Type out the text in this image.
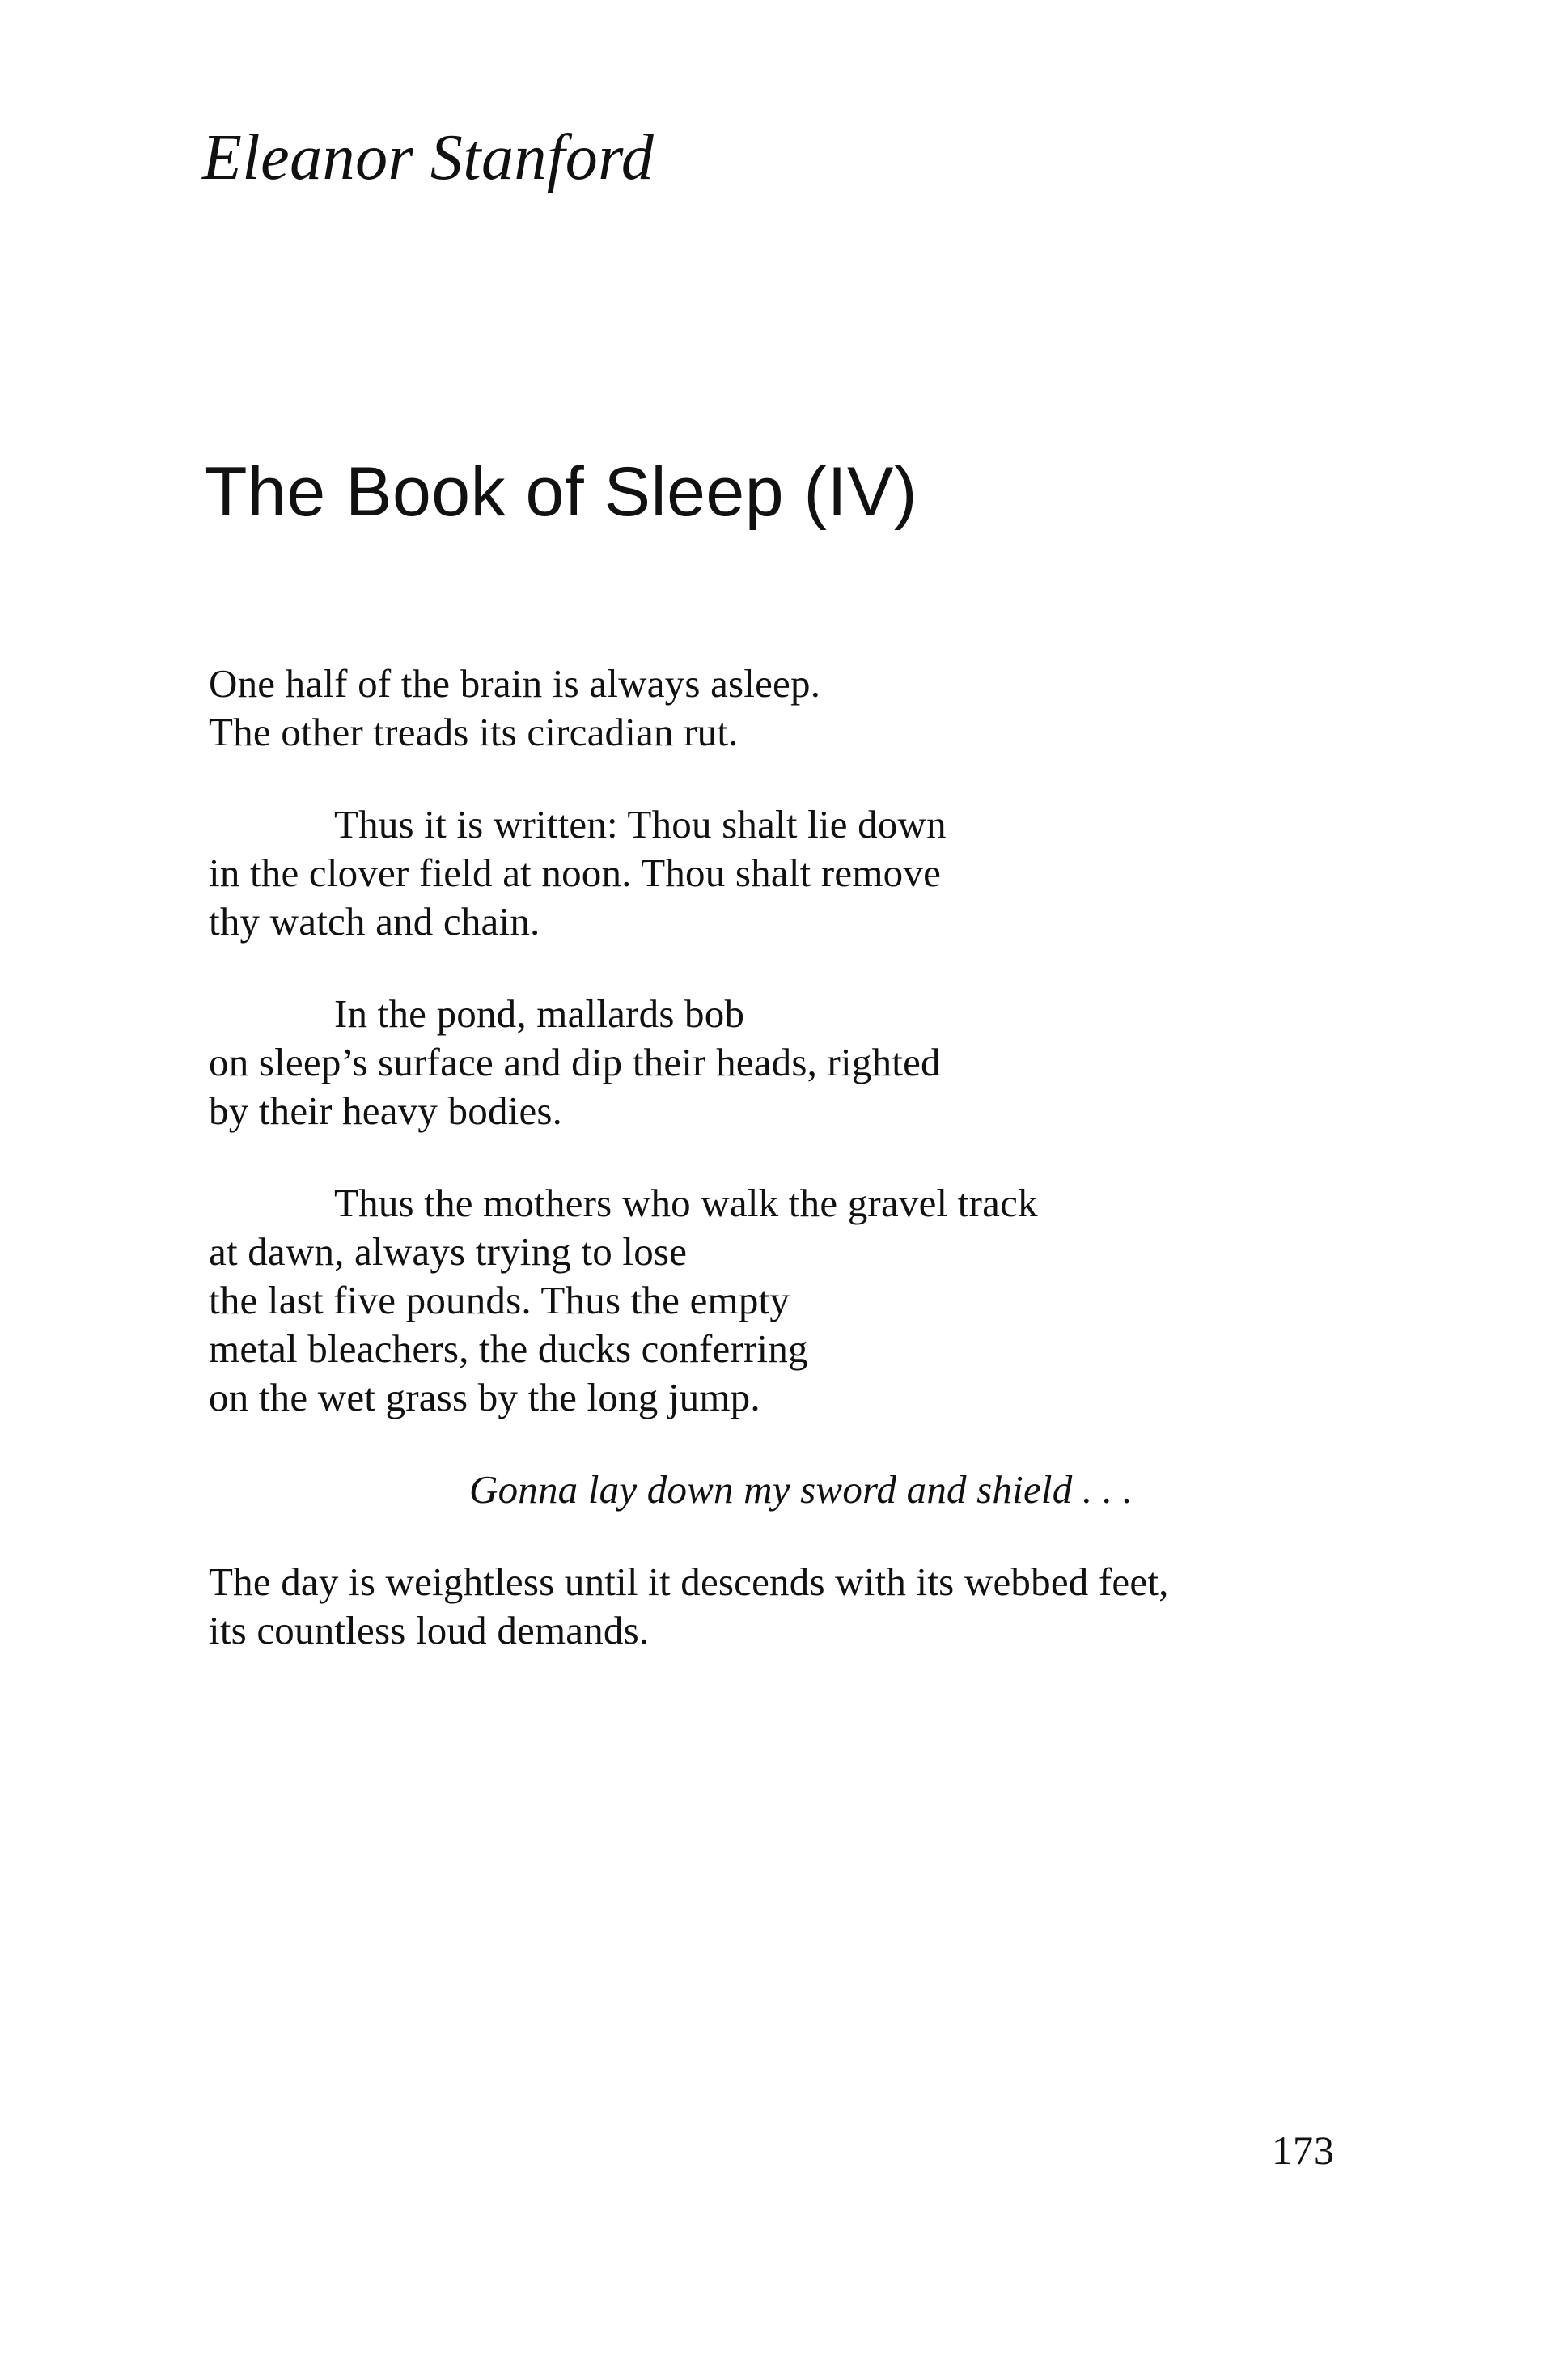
Eleanor Stanford
The Book of Sleep (IV)

One half of the brain is always asleep.
The other treads its circadian rut.

Thus it is written: Thou shalt lie down
in the clover field at noon. Thou shalt remove
thy watch and chain.

In the pond, mallards bob
on sleep’s surface and dip their heads, righted
by their heavy bodies.

Thus the mothers who walk the gravel track
at dawn, always trying to lose
the last five pounds. Thus the empty
metal bleachers, the ducks conferring
on the wet grass by the long jump.

Gonna lay down my sword and shield . . .

The day is weightless until it descends with its webbed feet,
its countless loud demands.

173
